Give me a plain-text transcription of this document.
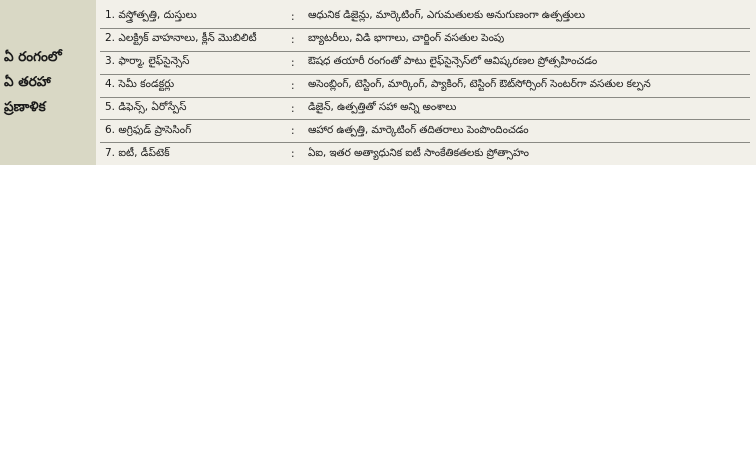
ఏ రంగంలో
ఏ తరహా
ప్రణాళిక
1. వస్త్రోత్పత్తి, దుస్తులు	:	ఆధునిక డిజైన్లు, మార్కెటింగ్, ఎగుమతులకు అనుగుణంగా ఉత్పత్తులు
2. ఎలక్ట్రిక్ వాహనాలు, క్లీన్ మొబిలిటీ	:	బ్యాటరీలు, విడి భాగాలు, చార్జింగ్ వసతుల పెంపు
3. ఫార్మా, లైఫ్‌సైన్సెస్	:	ఔషధ తయారీ రంగంతో పాటు లైఫ్‌సైన్సెస్‌లో ఆవిష్కరణల ప్రోత్సహించడం
4. సెమీ కండక్టర్లు	:	అసెంబ్లింగ్, టెస్టింగ్, మార్కింగ్, ప్యాకింగ్, టెస్టింగ్ ఔట్‌సోర్సింగ్ సెంటర్‌గా వసతుల కల్పన
5. డిఫెన్స్, ఏరోస్పేస్	:	డిజైన్, ఉత్పత్తితో సహా అన్ని అంశాలు
6. అగ్రిఫుడ్ ప్రాసెసింగ్	:	ఆహార ఉత్పత్తి, మార్కెటింగ్ తదితరాలు పెంపొందించడం
7. ఐటీ, డీప్‌టెక్	:	ఏఐ, ఇతర అత్యాధునిక ఐటీ సాంకేతికతలకు ప్రోత్సాహం
